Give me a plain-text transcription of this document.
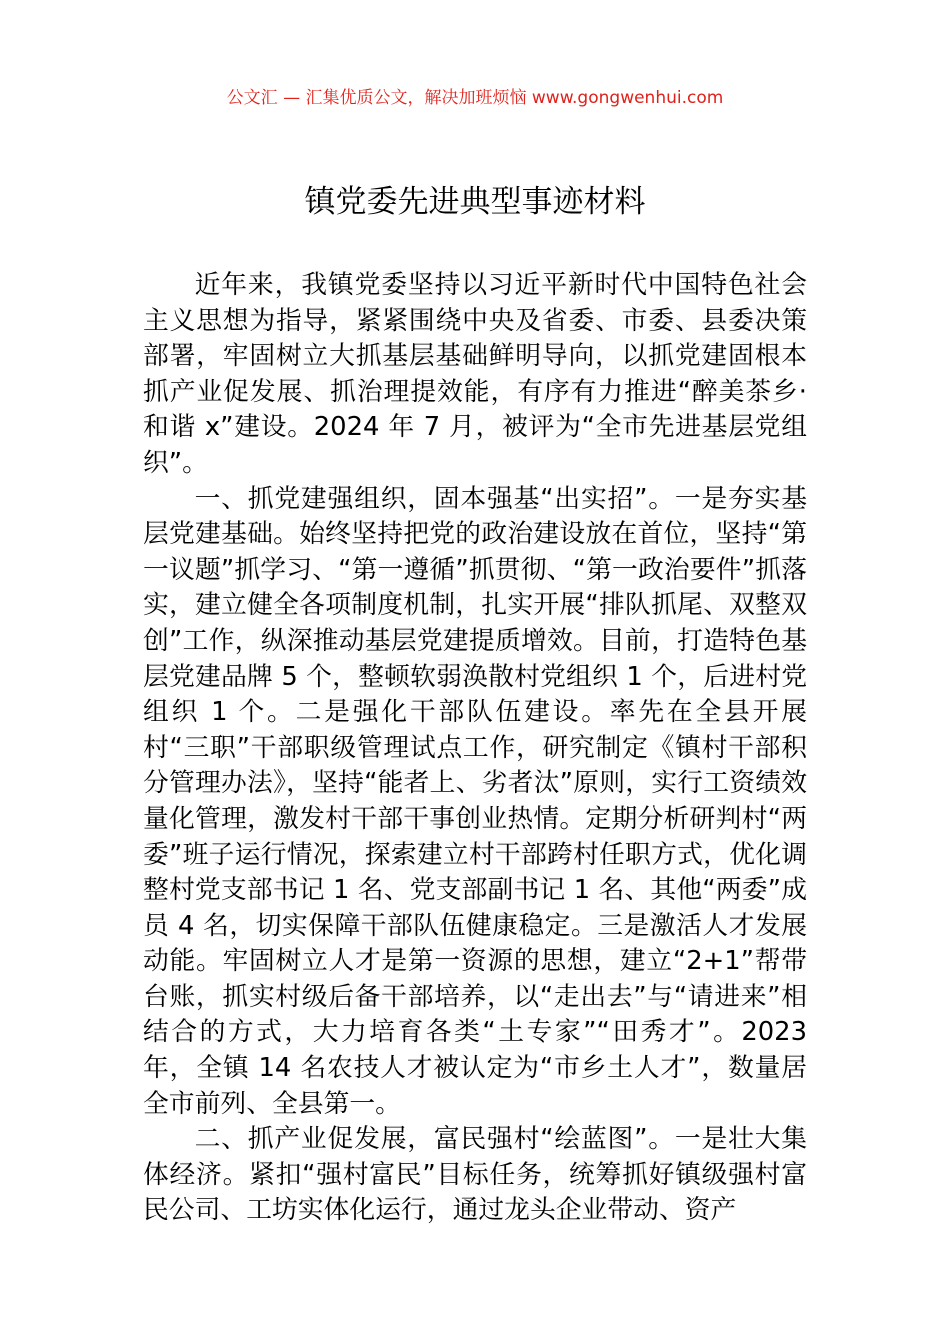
公文汇 — 汇集优质公文，解决加班烦恼 www.gongwenhui.com
镇党委先进典型事迹材料

近年来，我镇党委坚持以习近平新时代中国特色社会主义思想为指导，紧紧围绕中央及省委、市委、县委决策部署，牢固树立大抓基层基础鲜明导向，以抓党建固根本抓产业促发展、抓治理提效能，有序有力推进“醉美茶乡·和谐 x”建设。2024 年 7 月，被评为“全市先进基层党组织”。

一、抓党建强组织，固本强基“出实招”。一是夯实基层党建基础。始终坚持把党的政治建设放在首位，坚持“第一议题”抓学习、“第一遵循”抓贯彻、“第一政治要件”抓落实，建立健全各项制度机制，扎实开展“排队抓尾、双整双创”工作，纵深推动基层党建提质增效。目前，打造特色基层党建品牌 5 个，整顿软弱涣散村党组织 1 个，后进村党组织 1 个。二是强化干部队伍建设。率先在全县开展村“三职”干部职级管理试点工作，研究制定《镇村干部积分管理办法》，坚持“能者上、劣者汰”原则，实行工资绩效量化管理，激发村干部干事创业热情。定期分析研判村“两委”班子运行情况，探索建立村干部跨村任职方式，优化调整村党支部书记 1 名、党支部副书记 1 名、其他“两委”成员 4 名，切实保障干部队伍健康稳定。三是激活人才发展动能。牢固树立人才是第一资源的思想，建立“2+1”帮带台账，抓实村级后备干部培养，以“走出去”与“请进来”相结合的方式，大力培育各类“土专家”“田秀才”。2023 年，全镇 14 名农技人才被认定为“市乡土人才”，数量居全市前列、全县第一。

二、抓产业促发展，富民强村“绘蓝图”。一是壮大集体经济。紧扣“强村富民”目标任务，统筹抓好镇级强村富民公司、工坊实体化运行，通过龙头企业带动、资产
